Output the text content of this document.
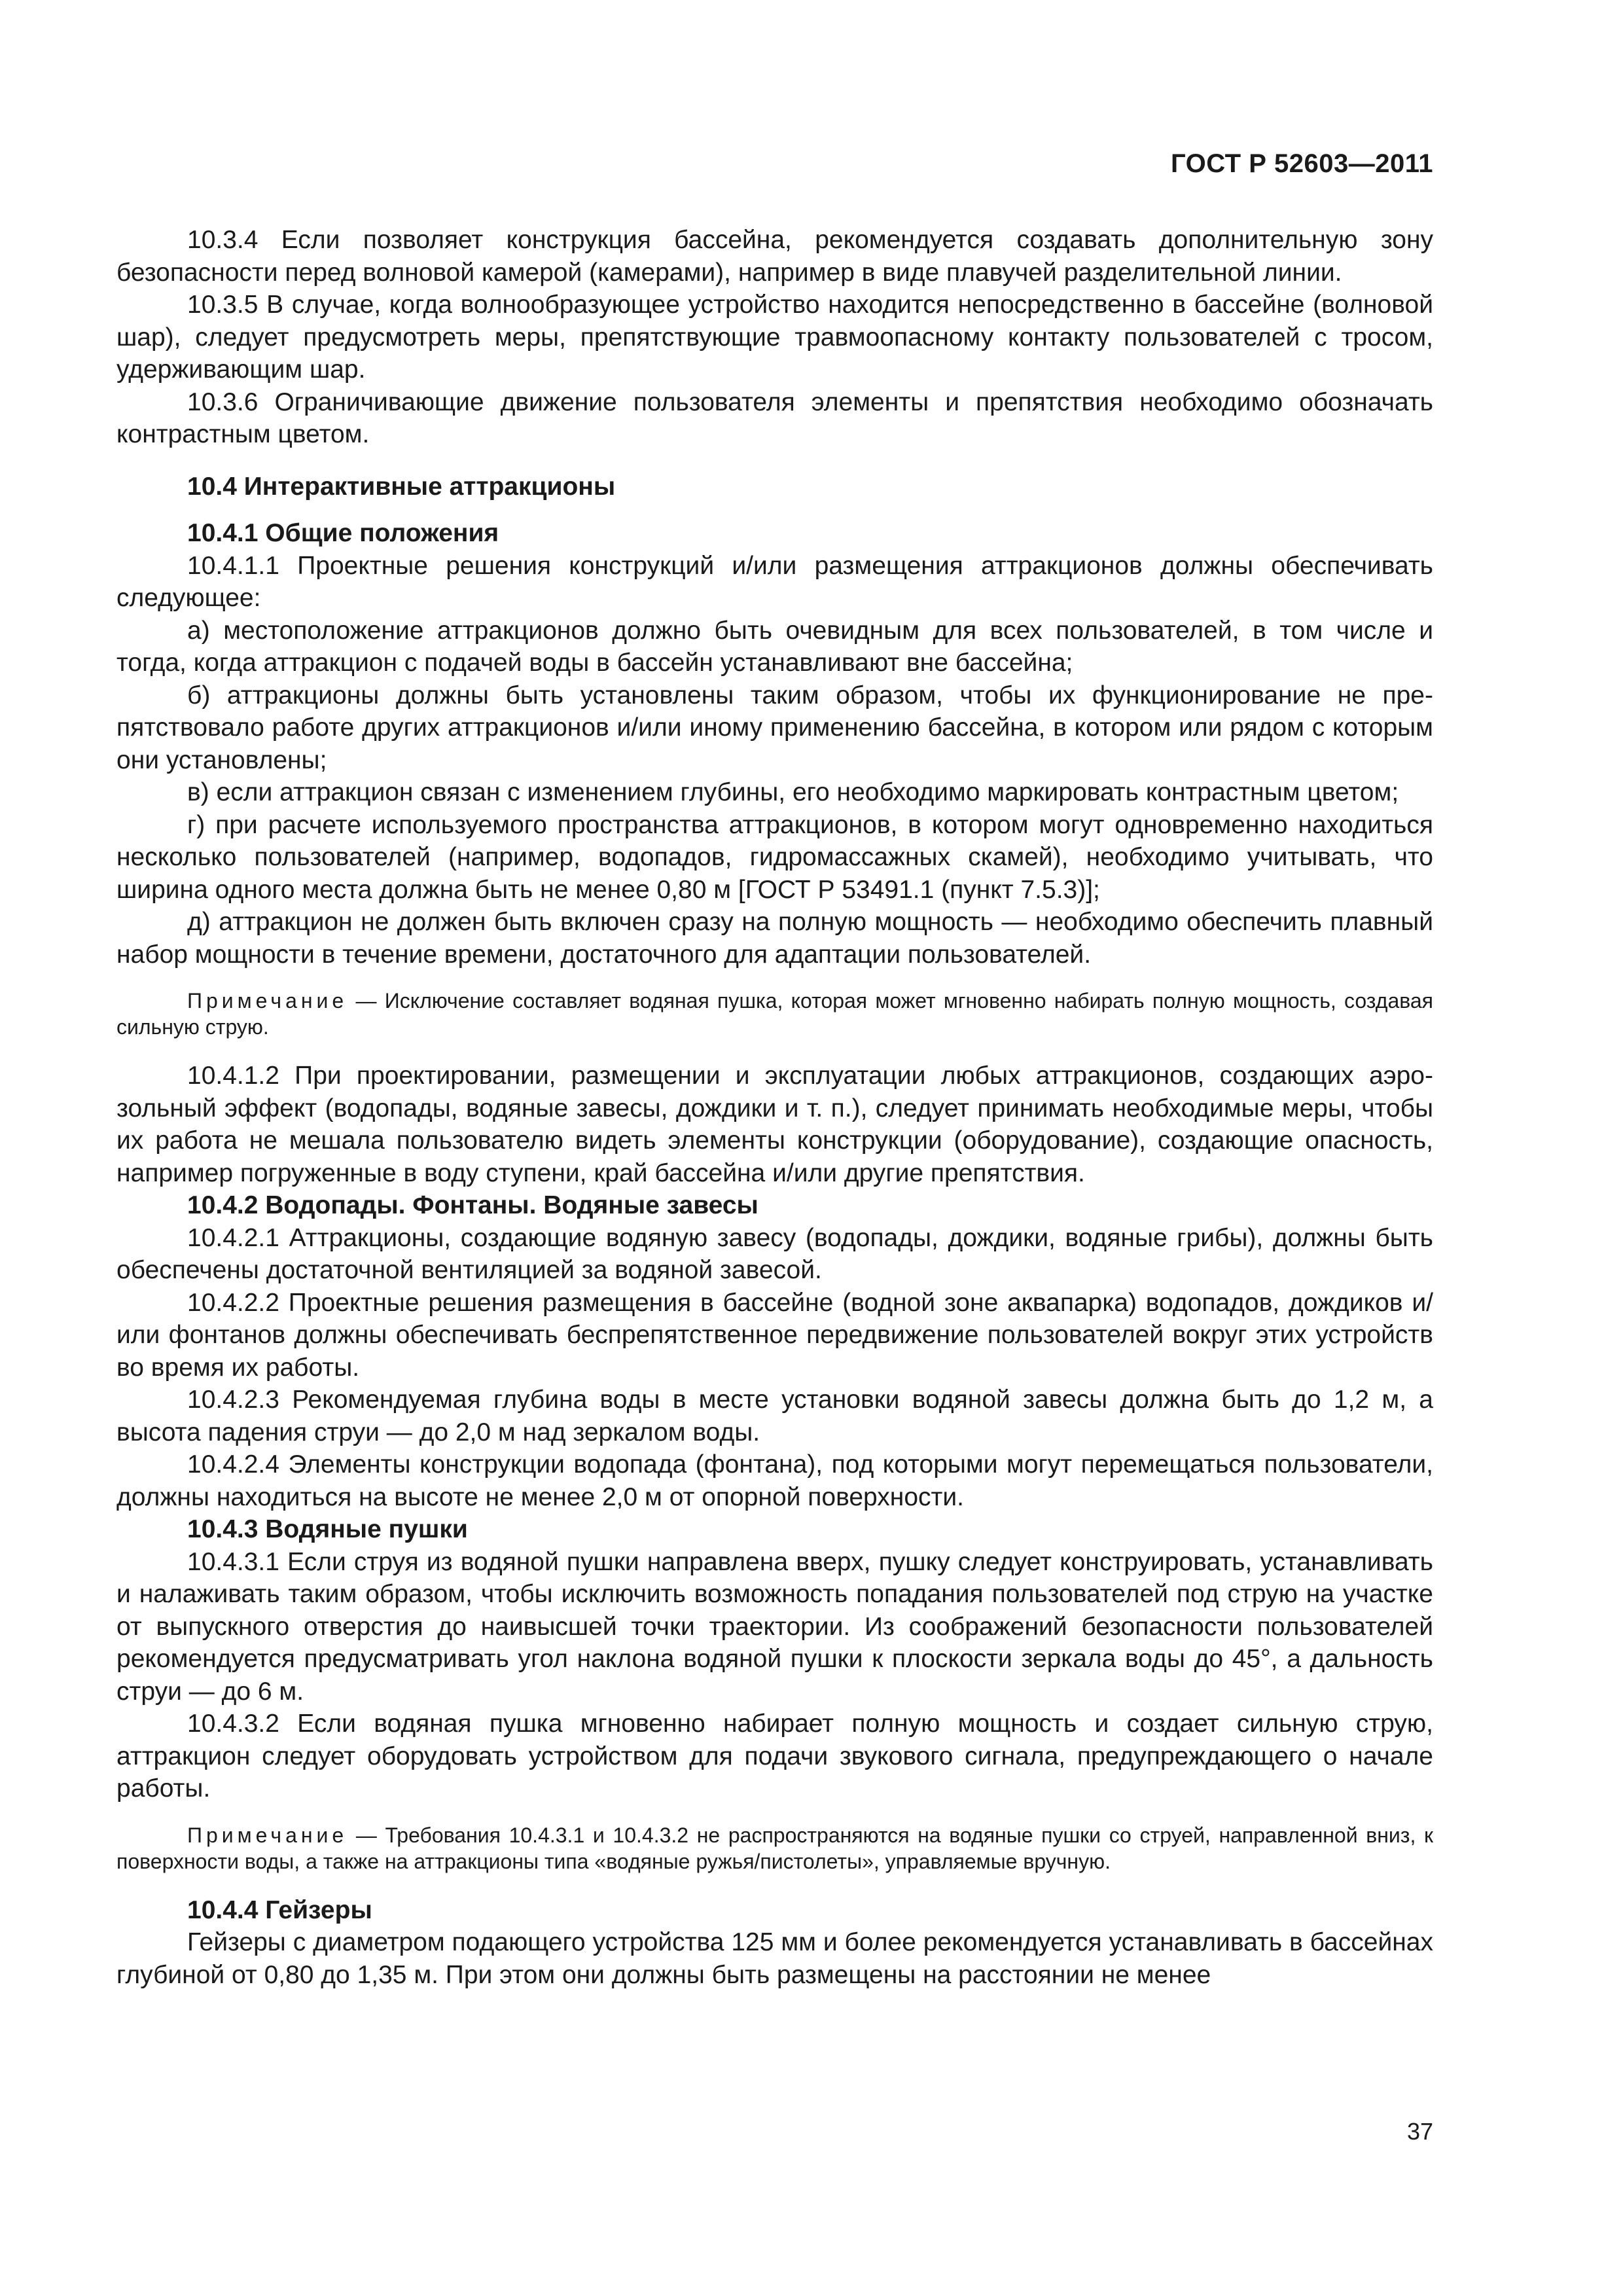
ГОСТ Р 52603—2011

10.3.4 Если позволяет конструкция бассейна, рекомендуется создавать дополнительную зону безопасности перед волновой камерой (камерами), например в виде плавучей разделительной линии.

10.3.5 В случае, когда волнообразующее устройство находится непосредственно в бассейне (волновой шар), следует предусмотреть меры, препятствующие травмоопасному контакту пользователей с тросом, удерживающим шар.

10.3.6 Ограничивающие движение пользователя элементы и препятствия необходимо обозначать контрастным цветом.

10.4 Интерактивные аттракционы

10.4.1 Общие положения

10.4.1.1 Проектные решения конструкций и/или размещения аттракционов должны обеспечивать следующее:

а) местоположение аттракционов должно быть очевидным для всех пользователей, в том числе и тогда, когда аттракцион с подачей воды в бассейн устанавливают вне бассейна;

б) аттракционы должны быть установлены таким образом, чтобы их функционирование не препятствовало работе других аттракционов и/или иному применению бассейна, в котором или рядом с которым они установлены;

в) если аттракцион связан с изменением глубины, его необходимо маркировать контрастным цветом;

г) при расчете используемого пространства аттракционов, в котором могут одновременно находиться несколько пользователей (например, водопадов, гидромассажных скамей), необходимо учитывать, что ширина одного места должна быть не менее 0,80 м [ГОСТ Р 53491.1 (пункт 7.5.3)];

д) аттракцион не должен быть включен сразу на полную мощность — необходимо обеспечить плавный набор мощности в течение времени, достаточного для адаптации пользователей.

Примечание — Исключение составляет водяная пушка, которая может мгновенно набирать полную мощность, создавая сильную струю.

10.4.1.2 При проектировании, размещении и эксплуатации любых аттракционов, создающих аэрозольный эффект (водопады, водяные завесы, дождики и т. п.), следует принимать необходимые меры, чтобы их работа не мешала пользователю видеть элементы конструкции (оборудование), создающие опасность, например погруженные в воду ступени, край бассейна и/или другие препятствия.

10.4.2 Водопады. Фонтаны. Водяные завесы

10.4.2.1 Аттракционы, создающие водяную завесу (водопады, дождики, водяные грибы), должны быть обеспечены достаточной вентиляцией за водяной завесой.

10.4.2.2 Проектные решения размещения в бассейне (водной зоне аквапарка) водопадов, дождиков и/или фонтанов должны обеспечивать беспрепятственное передвижение пользователей вокруг этих устройств во время их работы.

10.4.2.3 Рекомендуемая глубина воды в месте установки водяной завесы должна быть до 1,2 м, а высота падения струи — до 2,0 м над зеркалом воды.

10.4.2.4 Элементы конструкции водопада (фонтана), под которыми могут перемещаться пользователи, должны находиться на высоте не менее 2,0 м от опорной поверхности.

10.4.3 Водяные пушки

10.4.3.1 Если струя из водяной пушки направлена вверх, пушку следует конструировать, устанавливать и налаживать таким образом, чтобы исключить возможность попадания пользователей под струю на участке от выпускного отверстия до наивысшей точки траектории. Из соображений безопасности пользователей рекомендуется предусматривать угол наклона водяной пушки к плоскости зеркала воды до 45°, а дальность струи — до 6 м.

10.4.3.2 Если водяная пушка мгновенно набирает полную мощность и создает сильную струю, аттракцион следует оборудовать устройством для подачи звукового сигнала, предупреждающего о начале работы.

Примечание — Требования 10.4.3.1 и 10.4.3.2 не распространяются на водяные пушки со струей, направленной вниз, к поверхности воды, а также на аттракционы типа «водяные ружья/пистолеты», управляемые вручную.

10.4.4 Гейзеры

Гейзеры с диаметром подающего устройства 125 мм и более рекомендуется устанавливать в бассейнах глубиной от 0,80 до 1,35 м. При этом они должны быть размещены на расстоянии не менее

37
